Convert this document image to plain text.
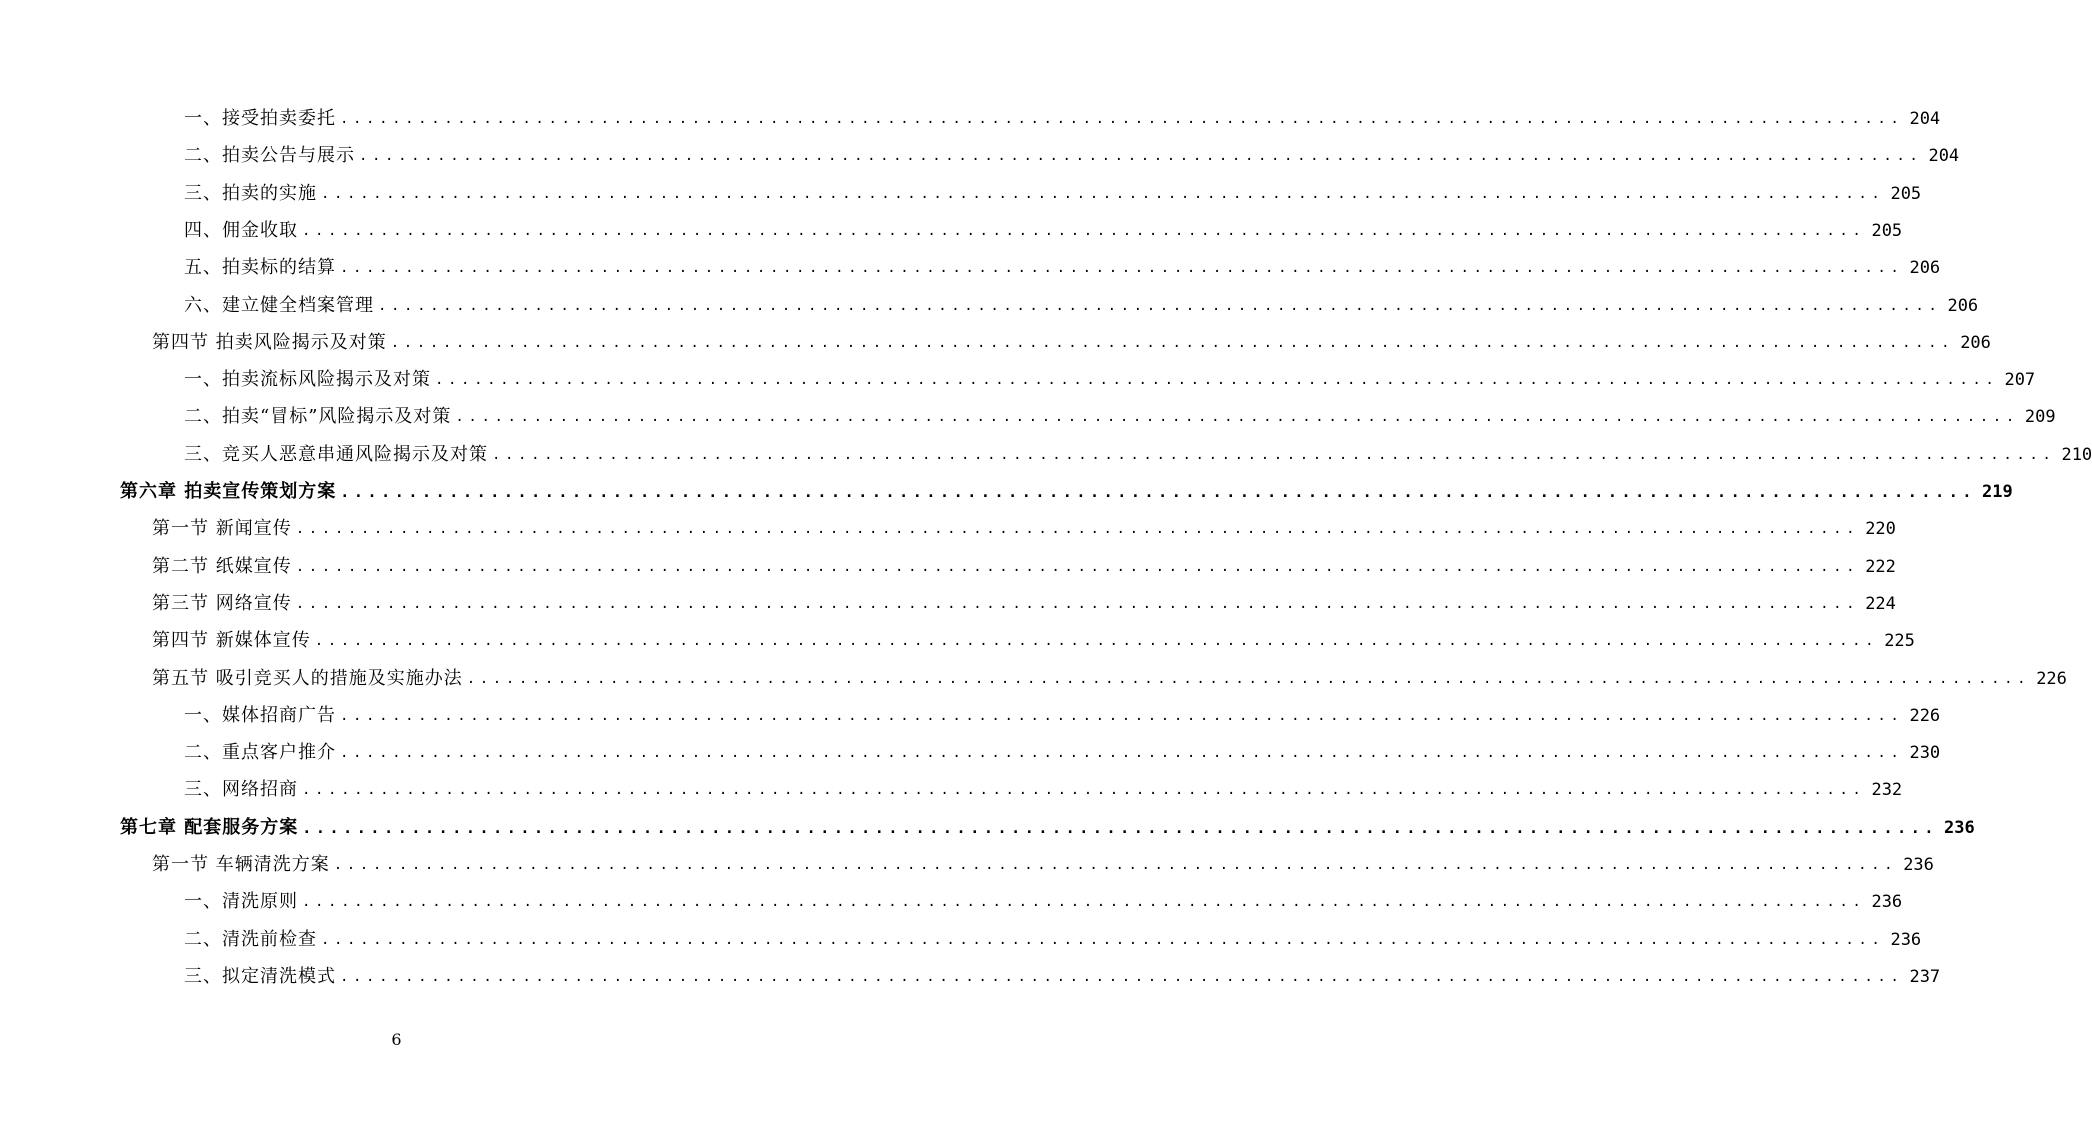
一、接受拍卖委托 ........................................................................................................................ 204
二、拍卖公告与展示 ........................................................................................................................ 204
三、拍卖的实施 ........................................................................................................................ 205
四、佣金收取 ........................................................................................................................ 205
五、拍卖标的结算 ........................................................................................................................ 206
六、建立健全档案管理 ........................................................................................................................ 206
第四节 拍卖风险揭示及对策 ........................................................................................................................ 206
一、拍卖流标风险揭示及对策 ........................................................................................................................ 207
二、拍卖“冒标”风险揭示及对策 ........................................................................................................................ 209
三、竞买人恶意串通风险揭示及对策 ........................................................................................................................ 210
第六章 拍卖宣传策划方案 ........................................................................................................................ 219
第一节 新闻宣传 ........................................................................................................................ 220
第二节 纸媒宣传 ........................................................................................................................ 222
第三节 网络宣传 ........................................................................................................................ 224
第四节 新媒体宣传 ........................................................................................................................ 225
第五节 吸引竞买人的措施及实施办法 ........................................................................................................................ 226
一、媒体招商广告 ........................................................................................................................ 226
二、重点客户推介 ........................................................................................................................ 230
三、网络招商 ........................................................................................................................ 232
第七章 配套服务方案 ........................................................................................................................ 236
第一节 车辆清洗方案 ........................................................................................................................ 236
一、清洗原则 ........................................................................................................................ 236
二、清洗前检查 ........................................................................................................................ 236
三、拟定清洗模式 ........................................................................................................................ 237
6
